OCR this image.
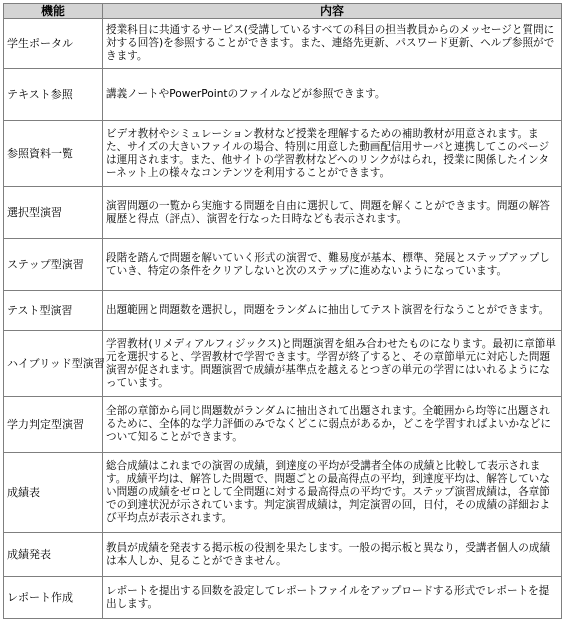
機能	内容
学生ポータル	授業科目に共通するサービス(受講しているすべての科目の担当教員からのメッセージと質問に対する回答)を参照することができます。また、連絡先更新、パスワード更新、ヘルプ参照ができます。
テキスト参照	講義ノートやPowerPointのファイルなどが参照できます。
参照資料一覧	ビデオ教材やシミュレーション教材など授業を理解するための補助教材が用意されます。また、サイズの大きいファイルの場合、特別に用意した動画配信用サーバと連携してこのページは運用されます。また、他サイトの学習教材などへのリンクがはられ，授業に関係したインターネット上の様々なコンテンツを利用することができます。
選択型演習	演習問題の一覧から実施する問題を自由に選択して、問題を解くことができます。問題の解答履歴と得点（評点）、演習を行なった日時なども表示されます。
ステップ型演習	段階を踏んで問題を解いていく形式の演習で、難易度が基本、標準、発展とステップアップしていき、特定の条件をクリアしないと次のステップに進めないようになっています。
テスト型演習	出題範囲と問題数を選択し，問題をランダムに抽出してテスト演習を行なうことができます。
ハイブリッド型演習	学習教材(リメディアルフィジックス)と問題演習を組み合わせたものになります。最初に章節単元を選択すると、学習教材で学習できます。学習が終了すると、その章節単元に対応した問題演習が促されます。問題演習で成績が基準点を越えるとつぎの単元の学習にはいれるようになっています。
学力判定型演習	全部の章節から同じ問題数がランダムに抽出されて出題されます。全範囲から均等に出題されるために、全体的な学力評価のみでなくどこに弱点があるか，どこを学習すればよいかなどについて知ることができます。
成績表	総合成績はこれまでの演習の成績，到達度の平均が受講者全体の成績と比較して表示されます。成績平均は、解答した問題で、問題ごとの最高得点の平均，到達度平均は、解答していない問題の成績をゼロとして全問題に対する最高得点の平均です。ステップ演習成績は，各章節での到達状況が示されています。判定演習成績は，判定演習の回，日付，その成績の詳細および平均点が表示されます。
成績発表	教員が成績を発表する掲示板の役割を果たします。一般の掲示板と異なり，受講者個人の成績は本人しか、見ることができません。
レポート作成	レポートを提出する回数を設定してレポートファイルをアップロードする形式でレポートを提出します。
